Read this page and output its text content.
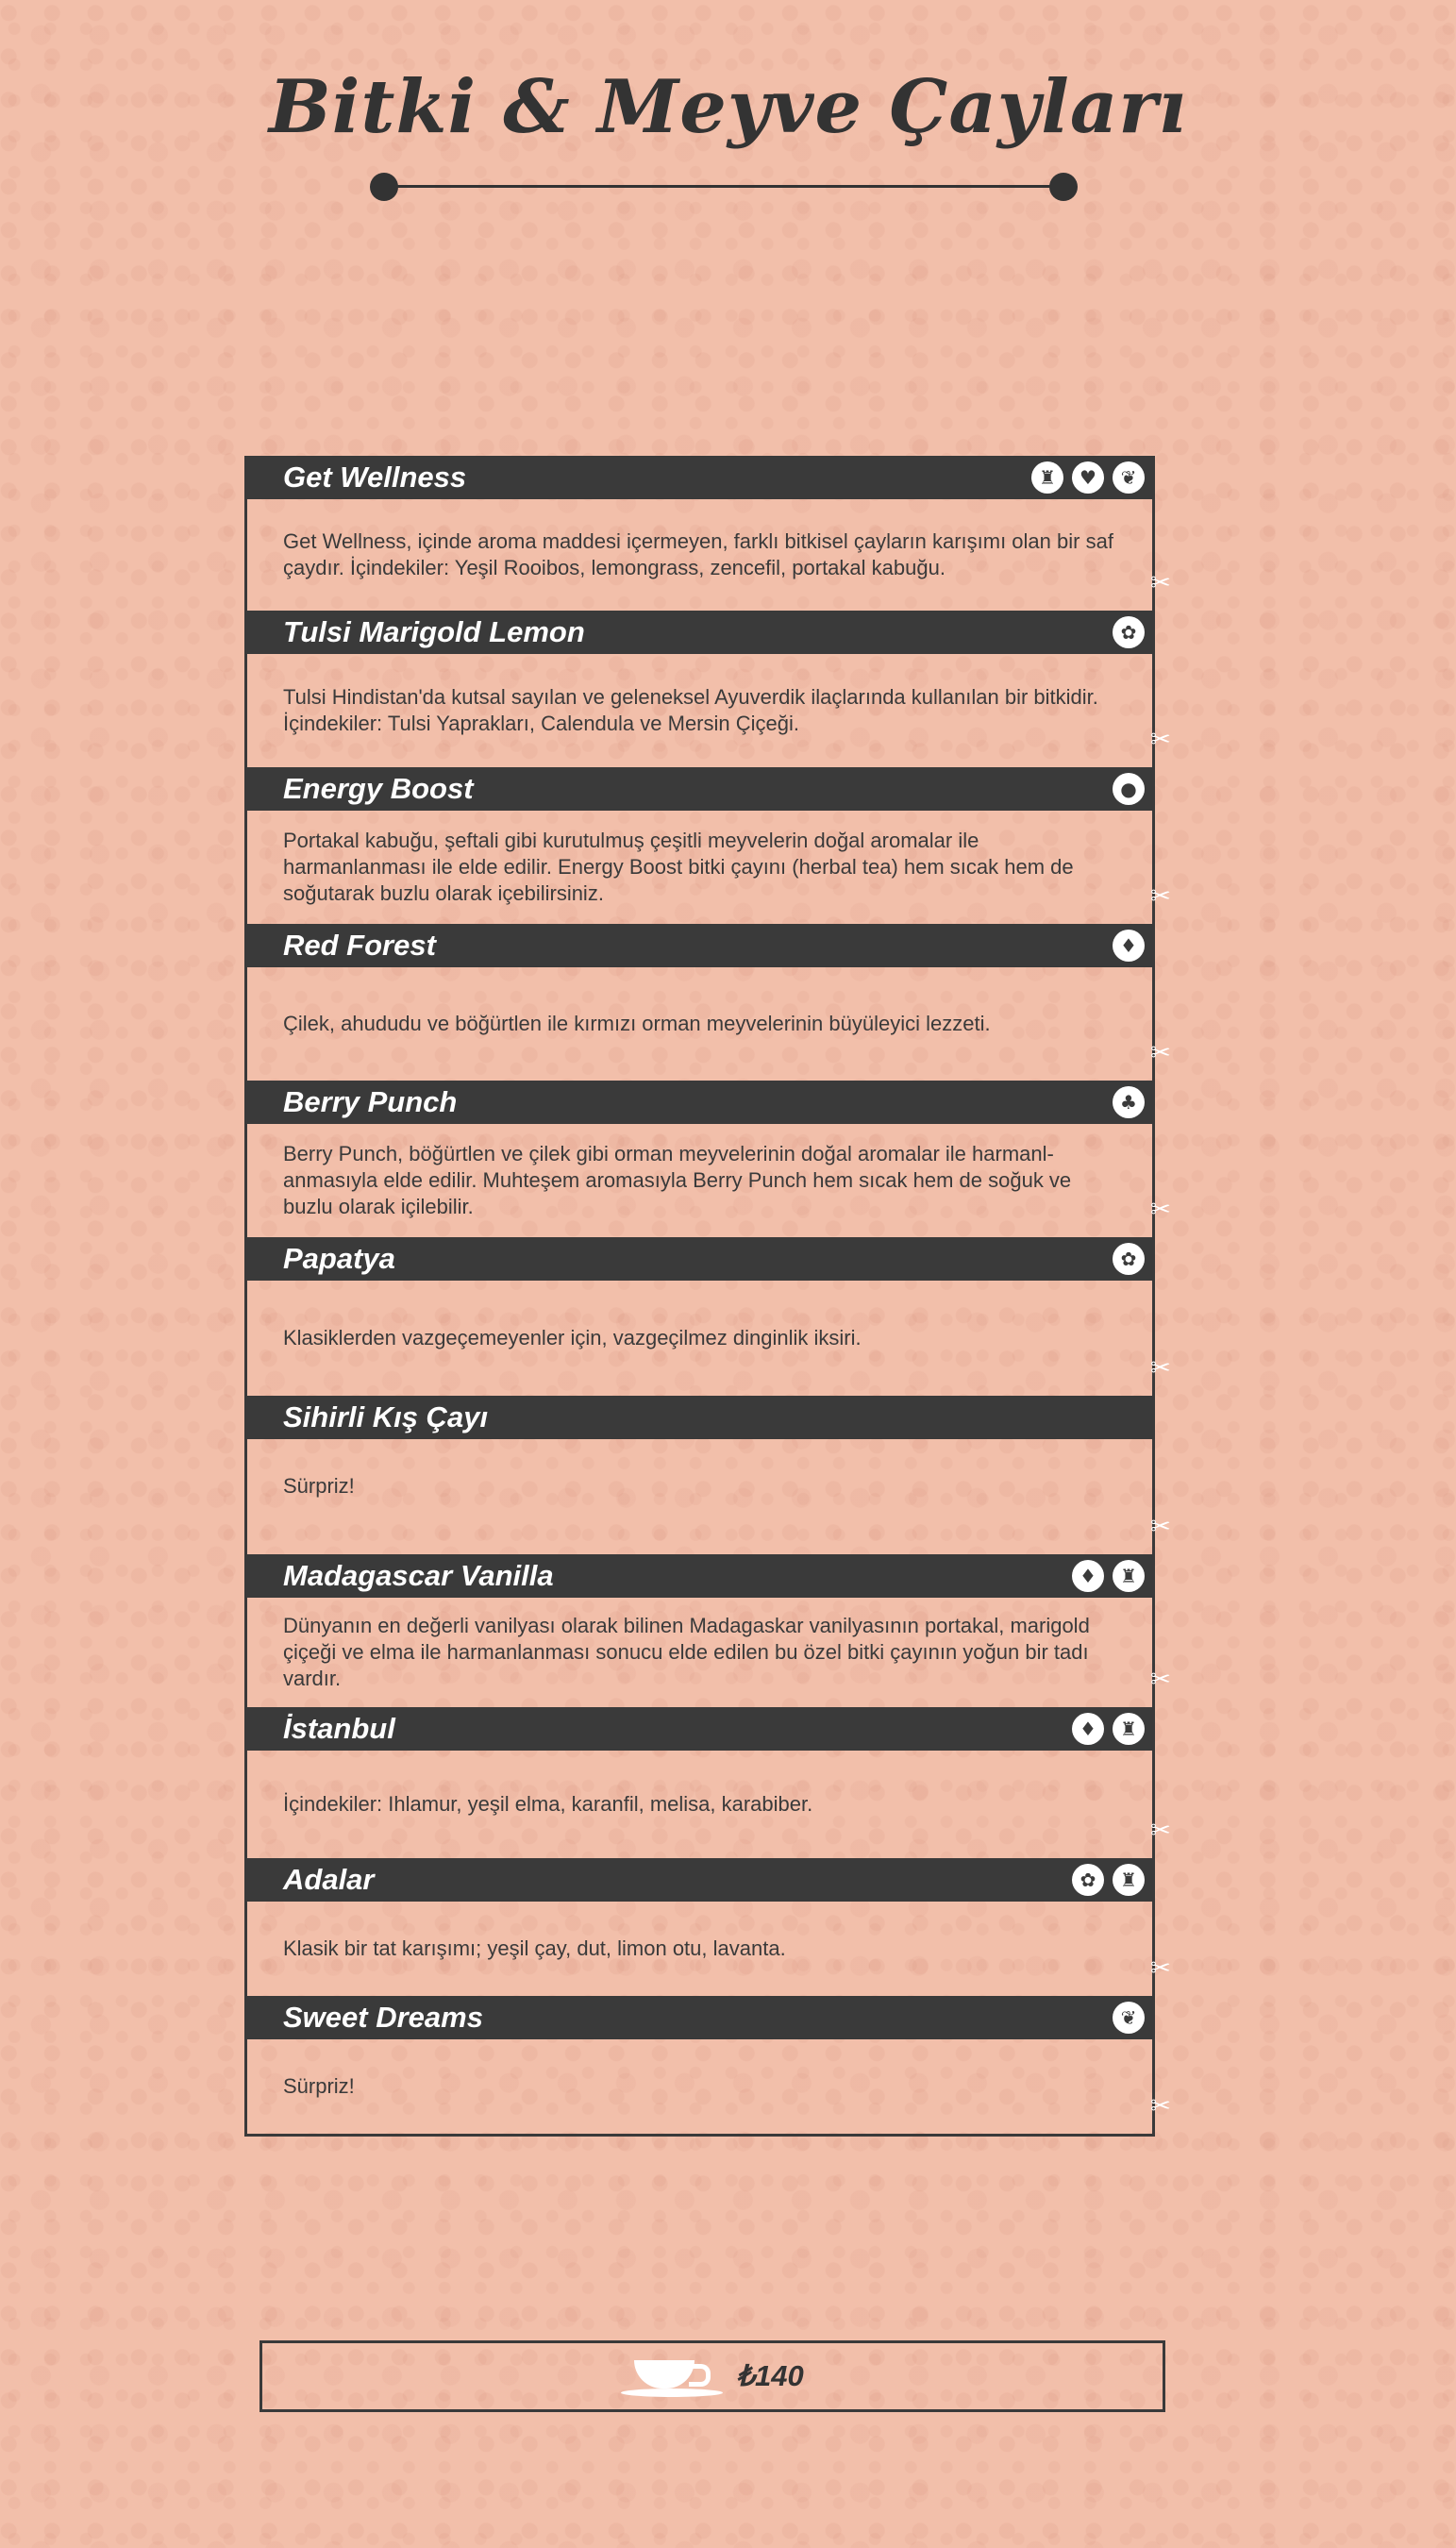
Bitki & Meyve Çayları
Get Wellness	♜	♥	❦
Get Wellness, içinde aroma maddesi içermeyen, farklı bitkisel çayların karışımı olan bir saf çaydır. İçindekiler: Yeşil Rooibos, lemongrass, zencefil, portakal kabuğu.
✂
Tulsi Marigold Lemon	✿
Tulsi Hindistan'da kutsal sayılan ve geleneksel Ayuverdik ilaçlarında kullanılan bir bitkidir. İçindekiler: Tulsi Yaprakları, Calendula ve Mersin Çiçeği.
✂
Energy Boost	●
Portakal kabuğu, şeftali gibi kurutulmuş çeşitli meyvelerin doğal aromalar ile harmanlanması ile elde edilir. Energy Boost bitki çayını (herbal tea) hem sıcak hem de soğutarak buzlu olarak içebilirsiniz.	✂
Red Forest	♦
Çilek, ahududu ve böğürtlen ile kırmızı orman meyvelerinin büyüleyici lezzeti.
✂
Berry Punch	♣
Berry Punch, böğürtlen ve çilek gibi orman meyvelerinin doğal aromalar ile harmanl-anmasıyla elde edilir. Muhteşem aromasıyla Berry Punch hem sıcak hem de soğuk ve buzlu olarak içilebilir.	✂
Papatya	✿
Klasiklerden vazgeçemeyenler için, vazgeçilmez dinginlik iksiri.
✂
Sihirli Kış Çayı
Sürpriz!
✂
Madagascar Vanilla	♦	♜
Dünyanın en değerli vanilyası olarak bilinen Madagaskar vanilyasının portakal, marigold çiçeği ve elma ile harmanlanması sonucu elde edilen bu özel bitki çayının yoğun bir tadı vardır.	✂
İstanbul	♦	♜
İçindekiler: Ihlamur, yeşil elma, karanfil, melisa, karabiber.
✂
Adalar	✿	♜
Klasik bir tat karışımı; yeşil çay, dut, limon otu, lavanta.
✂
Sweet Dreams	❦
Sürpriz!
✂
₺140
